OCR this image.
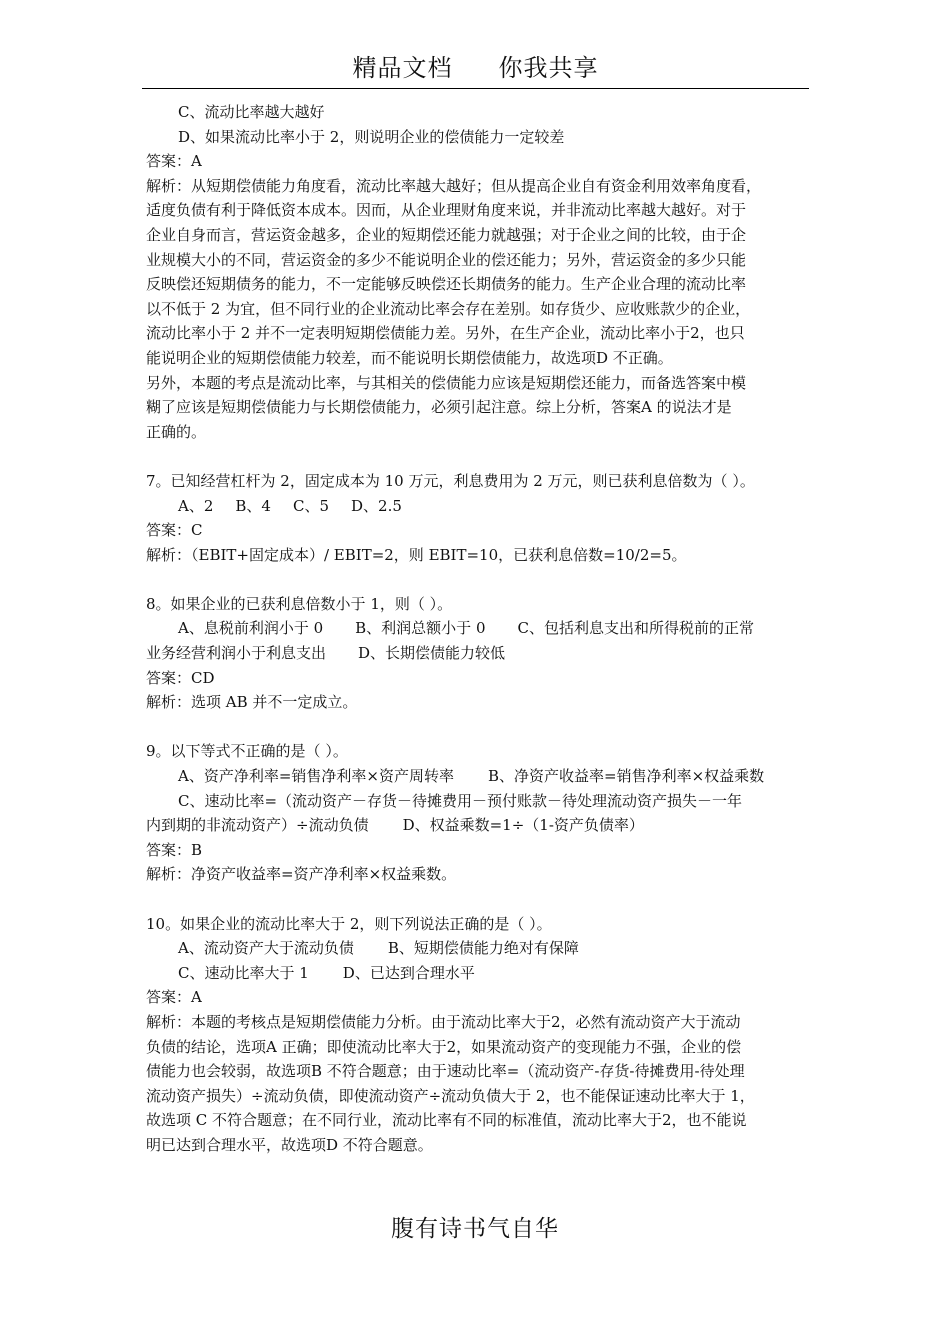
精品文档 你我共享
C、流动比率越大越好
D、如果流动比率小于 2，则说明企业的偿债能力一定较差
答案：A
解析：从短期偿债能力角度看，流动比率越大越好；但从提高企业自有资金利用效率角度看，
适度负债有利于降低资本成本。因而，从企业理财角度来说，并非流动比率越大越好。对于
企业自身而言，营运资金越多，企业的短期偿还能力就越强；对于企业之间的比较，由于企
业规模大小的不同，营运资金的多少不能说明企业的偿还能力；另外，营运资金的多少只能
反映偿还短期债务的能力，不一定能够反映偿还长期债务的能力。生产企业合理的流动比率
以不低于 2 为宜，但不同行业的企业流动比率会存在差别。如存货少、应收账款少的企业，
流动比率小于 2 并不一定表明短期偿债能力差。另外，在生产企业，流动比率小于2，也只
能说明企业的短期偿债能力较差，而不能说明长期偿债能力，故选项D 不正确。
另外，本题的考点是流动比率，与其相关的偿债能力应该是短期偿还能力，而备选答案中模
糊了应该是短期偿债能力与长期偿债能力，必须引起注意。综上分析，答案A 的说法才是
正确的。
7。已知经营杠杆为 2，固定成本为 10 万元，利息费用为 2 万元，则已获利息倍数为（ ）。
A、2 B、4 C、5 D、2.5
答案：C
解析：（EBIT+固定成本）/ EBIT=2，则 EBIT=10，已获利息倍数=10/2=5。
8。如果企业的已获利息倍数小于 1，则（ ）。
A、息税前利润小于 0 B、利润总额小于 0 C、包括利息支出和所得税前的正常
业务经营利润小于利息支出 D、长期偿债能力较低
答案：CD
解析：选项 AB 并不一定成立。
9。以下等式不正确的是（ ）。
A、资产净利率=销售净利率×资产周转率 B、净资产收益率=销售净利率×权益乘数
C、速动比率=（流动资产－存货－待摊费用－预付账款－待处理流动资产损失－一年
内到期的非流动资产）÷流动负债 D、权益乘数=1÷（1-资产负债率）
答案：B
解析：净资产收益率=资产净利率×权益乘数。
10。如果企业的流动比率大于 2，则下列说法正确的是（ ）。
A、流动资产大于流动负债 B、短期偿债能力绝对有保障
C、速动比率大于 1 D、已达到合理水平
答案：A
解析：本题的考核点是短期偿债能力分析。由于流动比率大于2，必然有流动资产大于流动
负债的结论，选项A 正确；即使流动比率大于2，如果流动资产的变现能力不强，企业的偿
债能力也会较弱，故选项B 不符合题意；由于速动比率=（流动资产-存货-待摊费用-待处理
流动资产损失）÷流动负债，即使流动资产÷流动负债大于 2，也不能保证速动比率大于 1，
故选项 C 不符合题意；在不同行业，流动比率有不同的标准值，流动比率大于2，也不能说
明已达到合理水平，故选项D 不符合题意。
腹有诗书气自华
